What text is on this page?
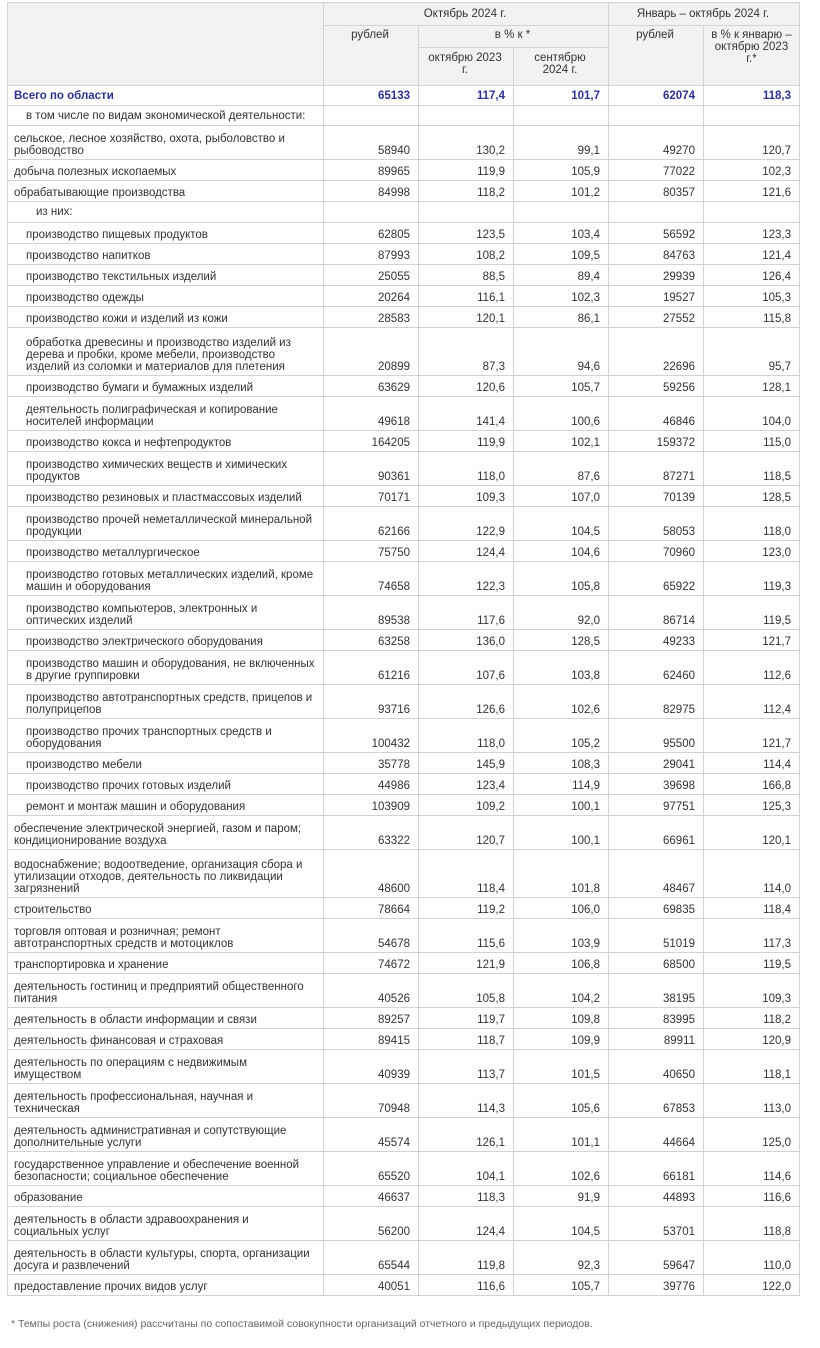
	Октябрь 2024 г.			Январь – октябрь 2024 г.	
	рублей	в % к *		рублей	в % к январю – октябрю 2023 г.*
		октябрю 2023 г.	сентябрю 2024 г.		
Всего по области	65133	117,4	101,7	62074	118,3
в том числе по видам экономической деятельности:					
сельское, лесное хозяйство, охота, рыболовство и рыбоводство	58940	130,2	99,1	49270	120,7
добыча полезных ископаемых	89965	119,9	105,9	77022	102,3
обрабатывающие производства	84998	118,2	101,2	80357	121,6
из них:					
производство пищевых продуктов	62805	123,5	103,4	56592	123,3
производство напитков	87993	108,2	109,5	84763	121,4
производство текстильных изделий	25055	88,5	89,4	29939	126,4
производство одежды	20264	116,1	102,3	19527	105,3
производство кожи и изделий из кожи	28583	120,1	86,1	27552	115,8
обработка древесины и производство изделий из дерева и пробки, кроме мебели, производство изделий из соломки и материалов для плетения	20899	87,3	94,6	22696	95,7
производство бумаги и бумажных изделий	63629	120,6	105,7	59256	128,1
деятельность полиграфическая и копирование носителей информации	49618	141,4	100,6	46846	104,0
производство кокса и нефтепродуктов	164205	119,9	102,1	159372	115,0
производство химических веществ и химических продуктов	90361	118,0	87,6	87271	118,5
производство резиновых и пластмассовых изделий	70171	109,3	107,0	70139	128,5
производство прочей неметаллической минеральной продукции	62166	122,9	104,5	58053	118,0
производство металлургическое	75750	124,4	104,6	70960	123,0
производство готовых металлических изделий, кроме машин и оборудования	74658	122,3	105,8	65922	119,3
производство компьютеров, электронных и оптических изделий	89538	117,6	92,0	86714	119,5
производство электрического оборудования	63258	136,0	128,5	49233	121,7
производство машин и оборудования, не включенных в другие группировки	61216	107,6	103,8	62460	112,6
производство автотранспортных средств, прицепов и полуприцепов	93716	126,6	102,6	82975	112,4
производство прочих транспортных средств и оборудования	100432	118,0	105,2	95500	121,7
производство мебели	35778	145,9	108,3	29041	114,4
производство прочих готовых изделий	44986	123,4	114,9	39698	166,8
ремонт и монтаж машин и оборудования	103909	109,2	100,1	97751	125,3
обеспечение электрической энергией, газом и паром; кондиционирование воздуха	63322	120,7	100,1	66961	120,1
водоснабжение; водоотведение, организация сбора и утилизации отходов, деятельность по ликвидации загрязнений	48600	118,4	101,8	48467	114,0
строительство	78664	119,2	106,0	69835	118,4
торговля оптовая и розничная; ремонт автотранспортных средств и мотоциклов	54678	115,6	103,9	51019	117,3
транспортировка и хранение	74672	121,9	106,8	68500	119,5
деятельность гостиниц и предприятий общественного питания	40526	105,8	104,2	38195	109,3
деятельность в области информации и связи	89257	119,7	109,8	83995	118,2
деятельность финансовая и страховая	89415	118,7	109,9	89911	120,9
деятельность по операциям с недвижимым имуществом	40939	113,7	101,5	40650	118,1
деятельность профессиональная, научная и техническая	70948	114,3	105,6	67853	113,0
деятельность административная и сопутствующие дополнительные услуги	45574	126,1	101,1	44664	125,0
государственное управление и обеспечение военной безопасности; социальное обеспечение	65520	104,1	102,6	66181	114,6
образование	46637	118,3	91,9	44893	116,6
деятельность в области здравоохранения и социальных услуг	56200	124,4	104,5	53701	118,8
деятельность в области культуры, спорта, организации досуга и развлечений	65544	119,8	92,3	59647	110,0
предоставление прочих видов услуг	40051	116,6	105,7	39776	122,0
* Темпы роста (снижения) рассчитаны по сопоставимой совокупности организаций отчетного и предыдущих периодов.
